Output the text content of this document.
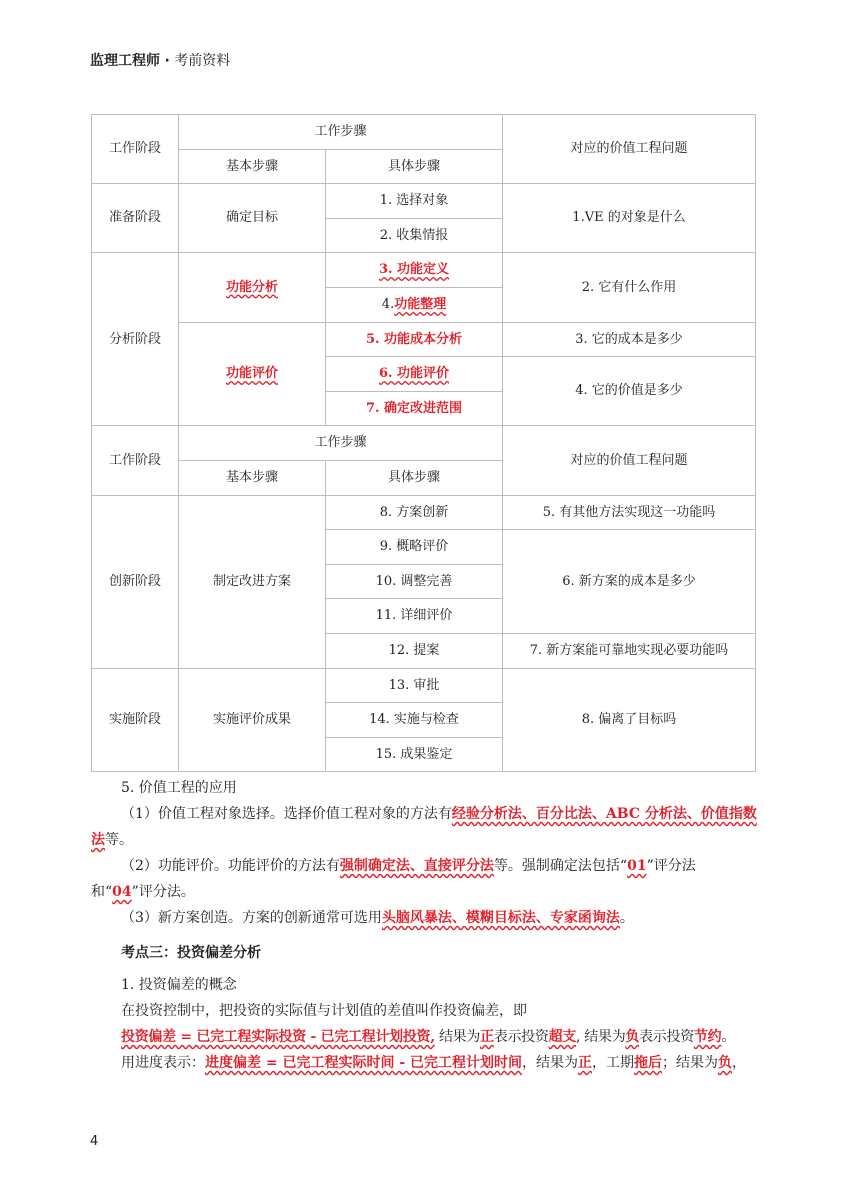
监理工程师 · 考前资料
工作阶段	工作步骤		对应的价值工程问题
	基本步骤	具体步骤	
准备阶段	确定目标	1. 选择对象	1.VE 的对象是什么
		2. 收集情报	
分析阶段	功能分析	3. 功能定义	2. 它有什么作用
		4.功能整理	
	功能评价	5. 功能成本分析	3. 它的成本是多少
		6. 功能评价	4. 它的价值是多少
		7. 确定改进范围	
工作阶段	工作步骤		对应的价值工程问题
	基本步骤	具体步骤	
创新阶段	制定改进方案	8. 方案创新	5. 有其他方法实现这一功能吗
		9. 概略评价	6. 新方案的成本是多少
		10. 调整完善	
		11. 详细评价	
		12. 提案	7. 新方案能可靠地实现必要功能吗
实施阶段	实施评价成果	13. 审批	8. 偏离了目标吗
		14. 实施与检查	
		15. 成果鉴定	

5. 价值工程的应用

（1）价值工程对象选择。选择价值工程对象的方法有经验分析法、百分比法、ABC 分析法、价值指数法等。

（2）功能评价。功能评价的方法有强制确定法、直接评分法等。强制确定法包括“01”评分法和“04”评分法。

（3）新方案创造。方案的创新通常可选用头脑风暴法、模糊目标法、专家函询法。

考点三：投资偏差分析

1. 投资偏差的概念

在投资控制中，把投资的实际值与计划值的差值叫作投资偏差，即

投资偏差 = 已完工程实际投资 - 已完工程计划投资, 结果为正表示投资超支, 结果为负表示投资节约。

用进度表示：进度偏差 = 已完工程实际时间 - 已完工程计划时间，结果为正，工期拖后；结果为负，

4
